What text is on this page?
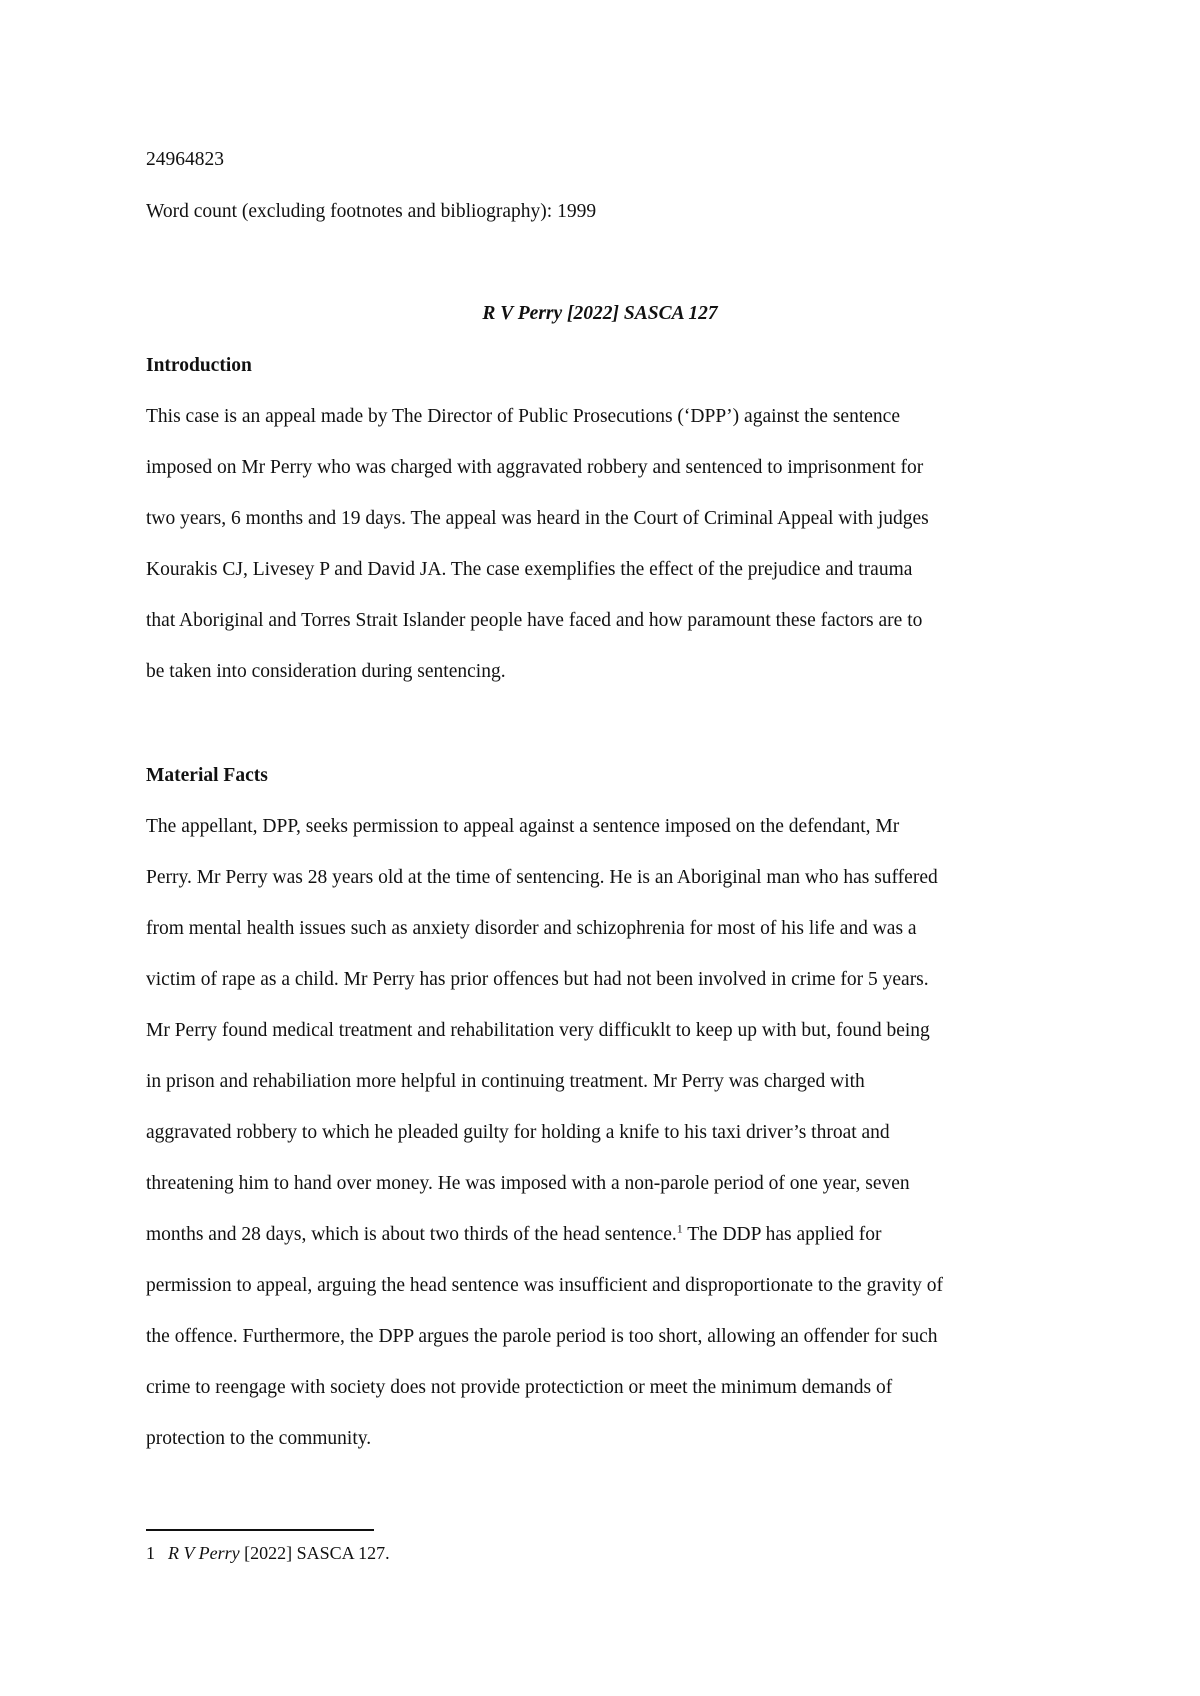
24964823
Word count (excluding footnotes and bibliography): 1999
R V Perry [2022] SASCA 127
Introduction
This case is an appeal made by The Director of Public Prosecutions (‘DPP’) against the sentence
imposed on Mr Perry who was charged with aggravated robbery and sentenced to imprisonment for
two years, 6 months and 19 days. The appeal was heard in the Court of Criminal Appeal with judges
Kourakis CJ, Livesey P and David JA. The case exemplifies the effect of the prejudice and trauma
that Aboriginal and Torres Strait Islander people have faced and how paramount these factors are to
be taken into consideration during sentencing.
Material Facts
The appellant, DPP, seeks permission to appeal against a sentence imposed on the defendant, Mr
Perry. Mr Perry was 28 years old at the time of sentencing. He is an Aboriginal man who has suffered
from mental health issues such as anxiety disorder and schizophrenia for most of his life and was a
victim of rape as a child. Mr Perry has prior offences but had not been involved in crime for 5 years.
Mr Perry found medical treatment and rehabilitation very difficuklt to keep up with but, found being
in prison and rehabiliation more helpful in continuing treatment. Mr Perry was charged with
aggravated robbery to which he pleaded guilty for holding a knife to his taxi driver’s throat and
threatening him to hand over money. He was imposed with a non-parole period of one year, seven
months and 28 days, which is about two thirds of the head sentence.$^1$ The DDP has applied for
permission to appeal, arguing the head sentence was insufficient and disproportionate to the gravity of
the offence. Furthermore, the DPP argues the parole period is too short, allowing an offender for such
crime to reengage with society does not provide protectiction or meet the minimum demands of
protection to the community.
1 R V Perry [2022] SASCA 127.
